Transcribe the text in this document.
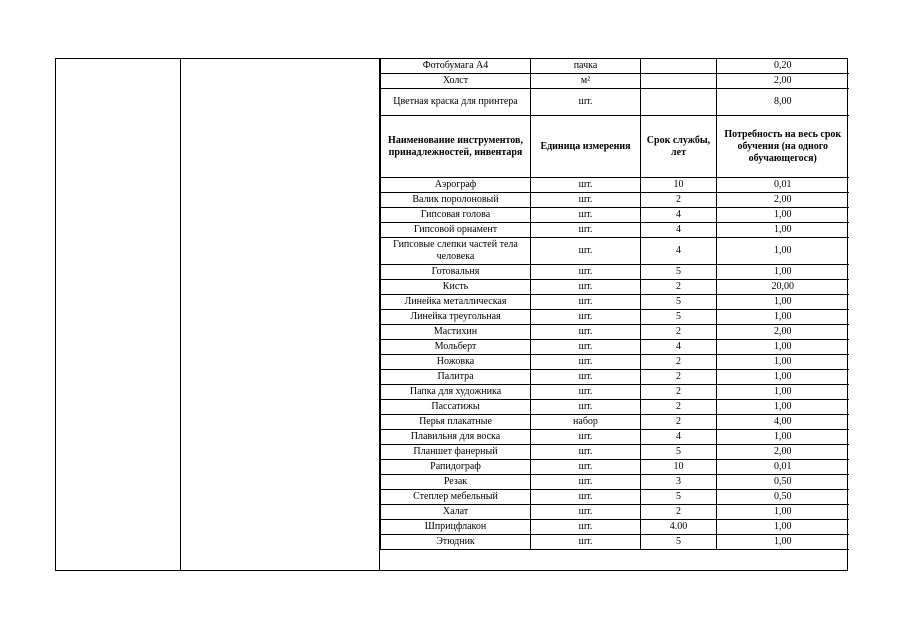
Фотобумага А4	пачка		0,20
Холст	м²		2,00
Цветная краска для принтера	шт.		8,00
Наименование инструментов, принадлежностей, инвентаря	Единица измерения	Срок службы, лет	Потребность на весь срок обучения (на одного обучающегося)
Аэрограф	шт.	10	0,01
Валик поролоновый	шт.	2	2,00
Гипсовая голова	шт.	4	1,00
Гипсовой орнамент	шт.	4	1,00
Гипсовые слепки частей тела человека	шт.	4	1,00
Готовальня	шт.	5	1,00
Кисть	шт.	2	20,00
Линейка металлическая	шт.	5	1,00
Линейка треугольная	шт.	5	1,00
Мастихин	шт.	2	2,00
Мольберт	шт.	4	1,00
Ножовка	шт.	2	1,00
Палитра	шт.	2	1,00
Папка для художника	шт.	2	1,00
Пассатижы	шт.	2	1,00
Перья плакатные	набор	2	4,00
Плавильня для воска	шт.	4	1,00
Планшет фанерный	шт.	5	2,00
Рапидограф	шт.	10	0,01
Резак	шт.	3	0,50
Степлер мебельный	шт.	5	0,50
Халат	шт.	2	1,00
Шприцфлакон	шт.	4.00	1,00
Этюдник	шт.	5	1,00
